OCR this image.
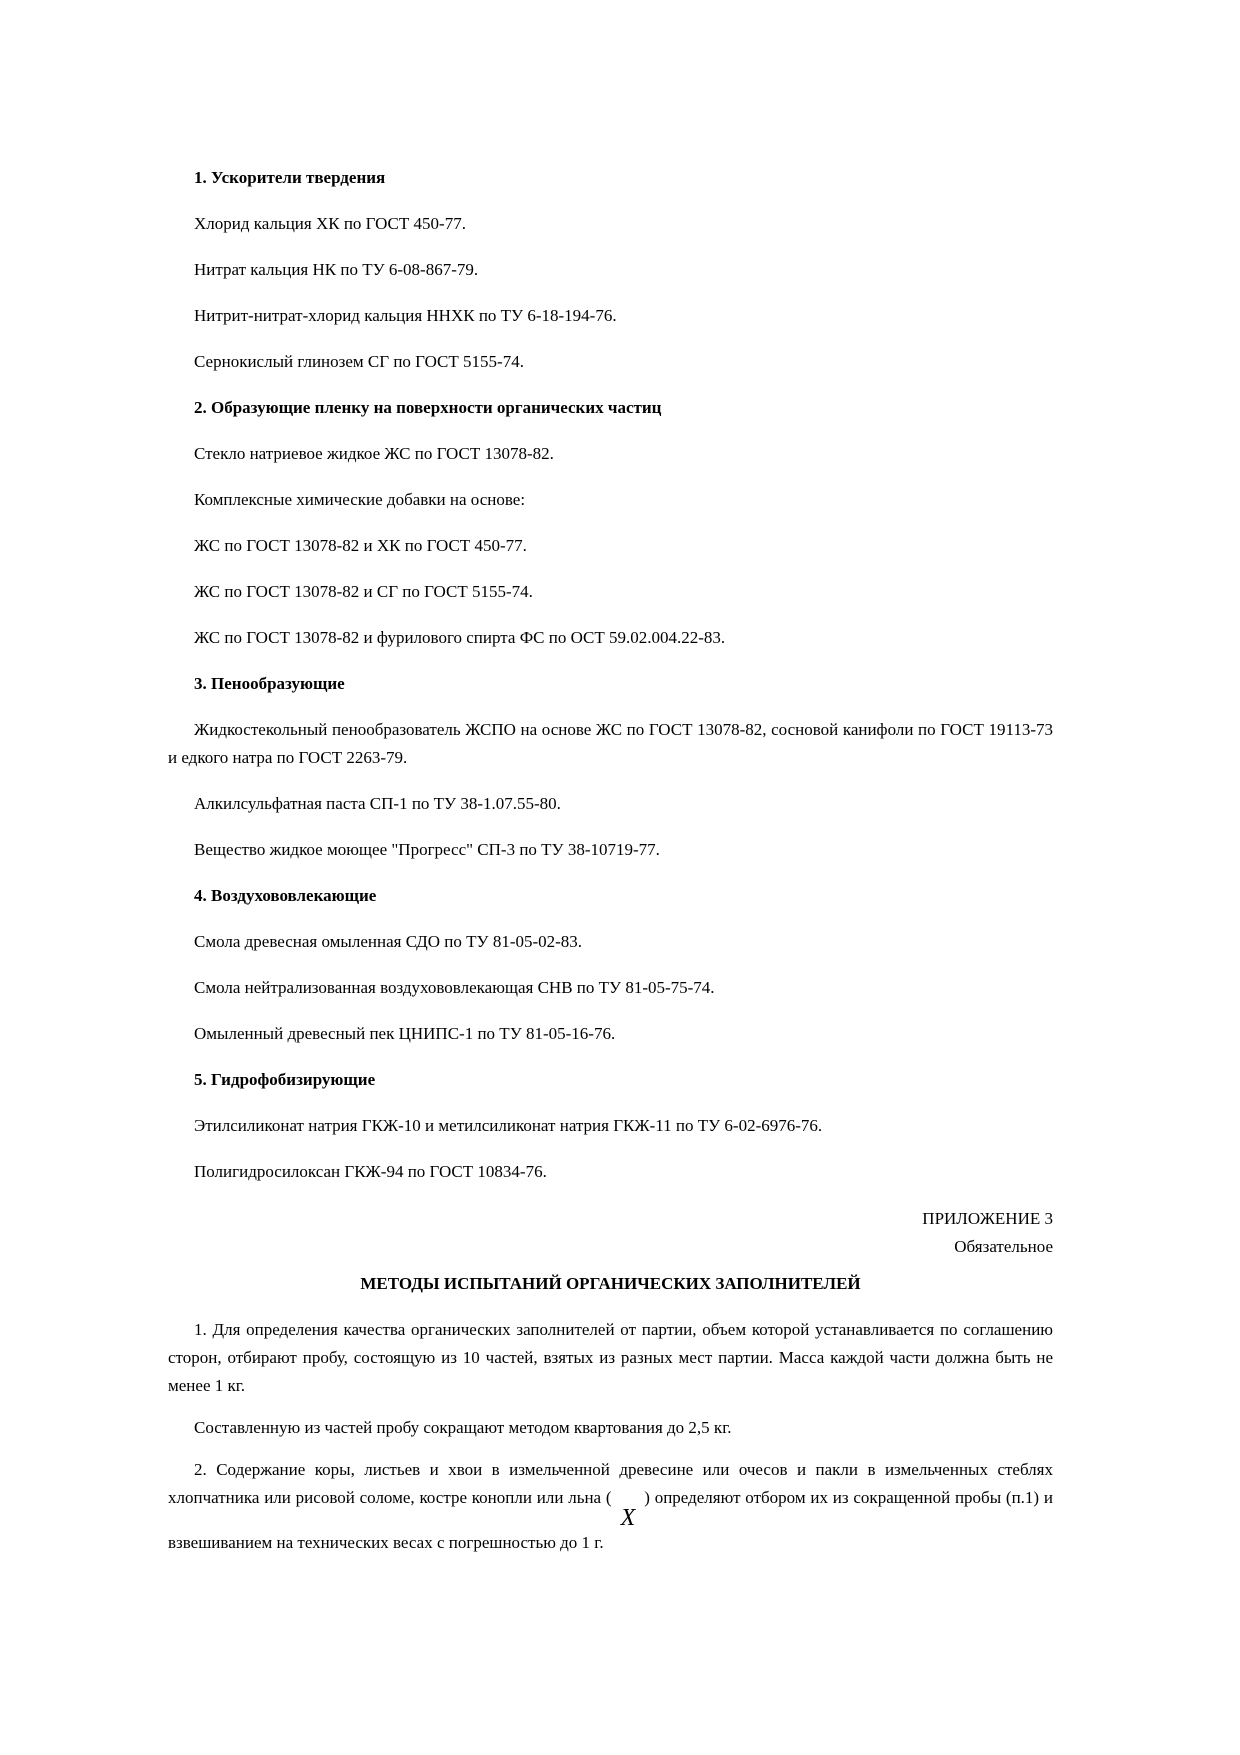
1. Ускорители твердения

Хлорид кальция ХК по ГОСТ 450-77.

Нитрат кальция НК по ТУ 6-08-867-79.

Нитрит-нитрат-хлорид кальция ННХК по ТУ 6-18-194-76.

Сернокислый глинозем СГ по ГОСТ 5155-74.

2. Образующие пленку на поверхности органических частиц

Стекло натриевое жидкое ЖС по ГОСТ 13078-82.

Комплексные химические добавки на основе:

ЖС по ГОСТ 13078-82 и ХК по ГОСТ 450-77.

ЖС по ГОСТ 13078-82 и СГ по ГОСТ 5155-74.

ЖС по ГОСТ 13078-82 и фурилового спирта ФС по ОСТ 59.02.004.22-83.

3. Пенообразующие

Жидкостекольный пенообразователь ЖСПО на основе ЖС по ГОСТ 13078-82, сосновой канифоли по ГОСТ 19113-73 и едкого натра по ГОСТ 2263-79.

Алкилсульфатная паста СП-1 по ТУ 38-1.07.55-80.

Вещество жидкое моющее "Прогресс" СП-3 по ТУ 38-10719-77.

4. Воздухововлекающие

Смола древесная омыленная СДО по ТУ 81-05-02-83.

Смола нейтрализованная воздухововлекающая СНВ по ТУ 81-05-75-74.

Омыленный древесный пек ЦНИПС-1 по ТУ 81-05-16-76.

5. Гидрофобизирующие

Этилсиликонат натрия ГКЖ-10 и метилсиликонат натрия ГКЖ-11 по ТУ 6-02-6976-76.

Полигидросилоксан ГКЖ-94 по ГОСТ 10834-76.

ПРИЛОЖЕНИЕ 3
Обязательное

МЕТОДЫ ИСПЫТАНИЙ ОРГАНИЧЕСКИХ ЗАПОЛНИТЕЛЕЙ

1. Для определения качества органических заполнителей от партии, объем которой устанавливается по соглашению сторон, отбирают пробу, состоящую из 10 частей, взятых из разных мест партии. Масса каждой части должна быть не менее 1 кг.

Составленную из частей пробу сокращают методом квартования до 2,5 кг.

2. Содержание коры, листьев и хвои в измельченной древесине или очесов и пакли в измельченных стеблях хлопчатника или рисовой соломе, костре конопли или льна (X) определяют отбором их из сокращенной пробы (п.1) и взвешиванием на технических весах с погрешностью до 1 г.
